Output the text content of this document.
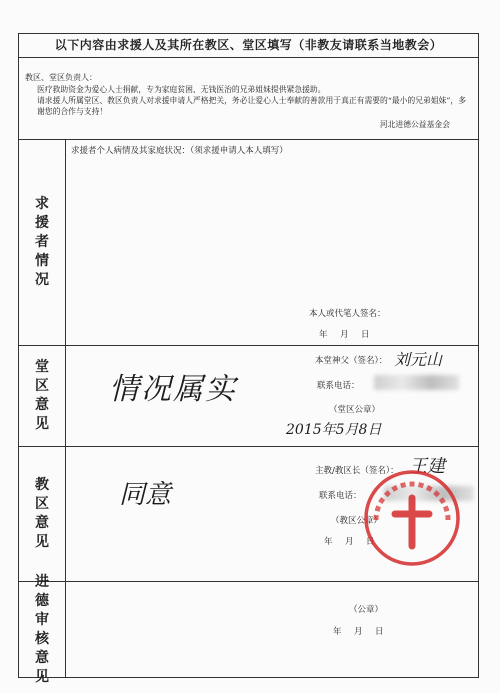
以下内容由求援人及其所在教区、堂区填写（非教友请联系当地教会）
教区、堂区负责人：
医疗救助资金为爱心人士捐献，专为家庭贫困、无钱医治的兄弟姐妹提供紧急援助。
请求援人所属堂区、教区负责人对求援申请人严格把关，务必让爱心人士奉献的善款用于真正有需要的“最小的兄弟姐妹”，多谢您的合作与支持！
河北进德公益基金会
求援者情况
求援者个人病情及其家庭状况：（须求援申请人本人填写）
本人或代笔人签名：
年　月　日
堂区意见
情况属实
本堂神父（签名）： 刘元山
联系电话：
（堂区公章）
2015年5月8日
教区意见
同意
主教/教区长（签名）： 王建
联系电话：
（教区公章）
年　月　日
进德审核意见
（公章）
年　月　日
